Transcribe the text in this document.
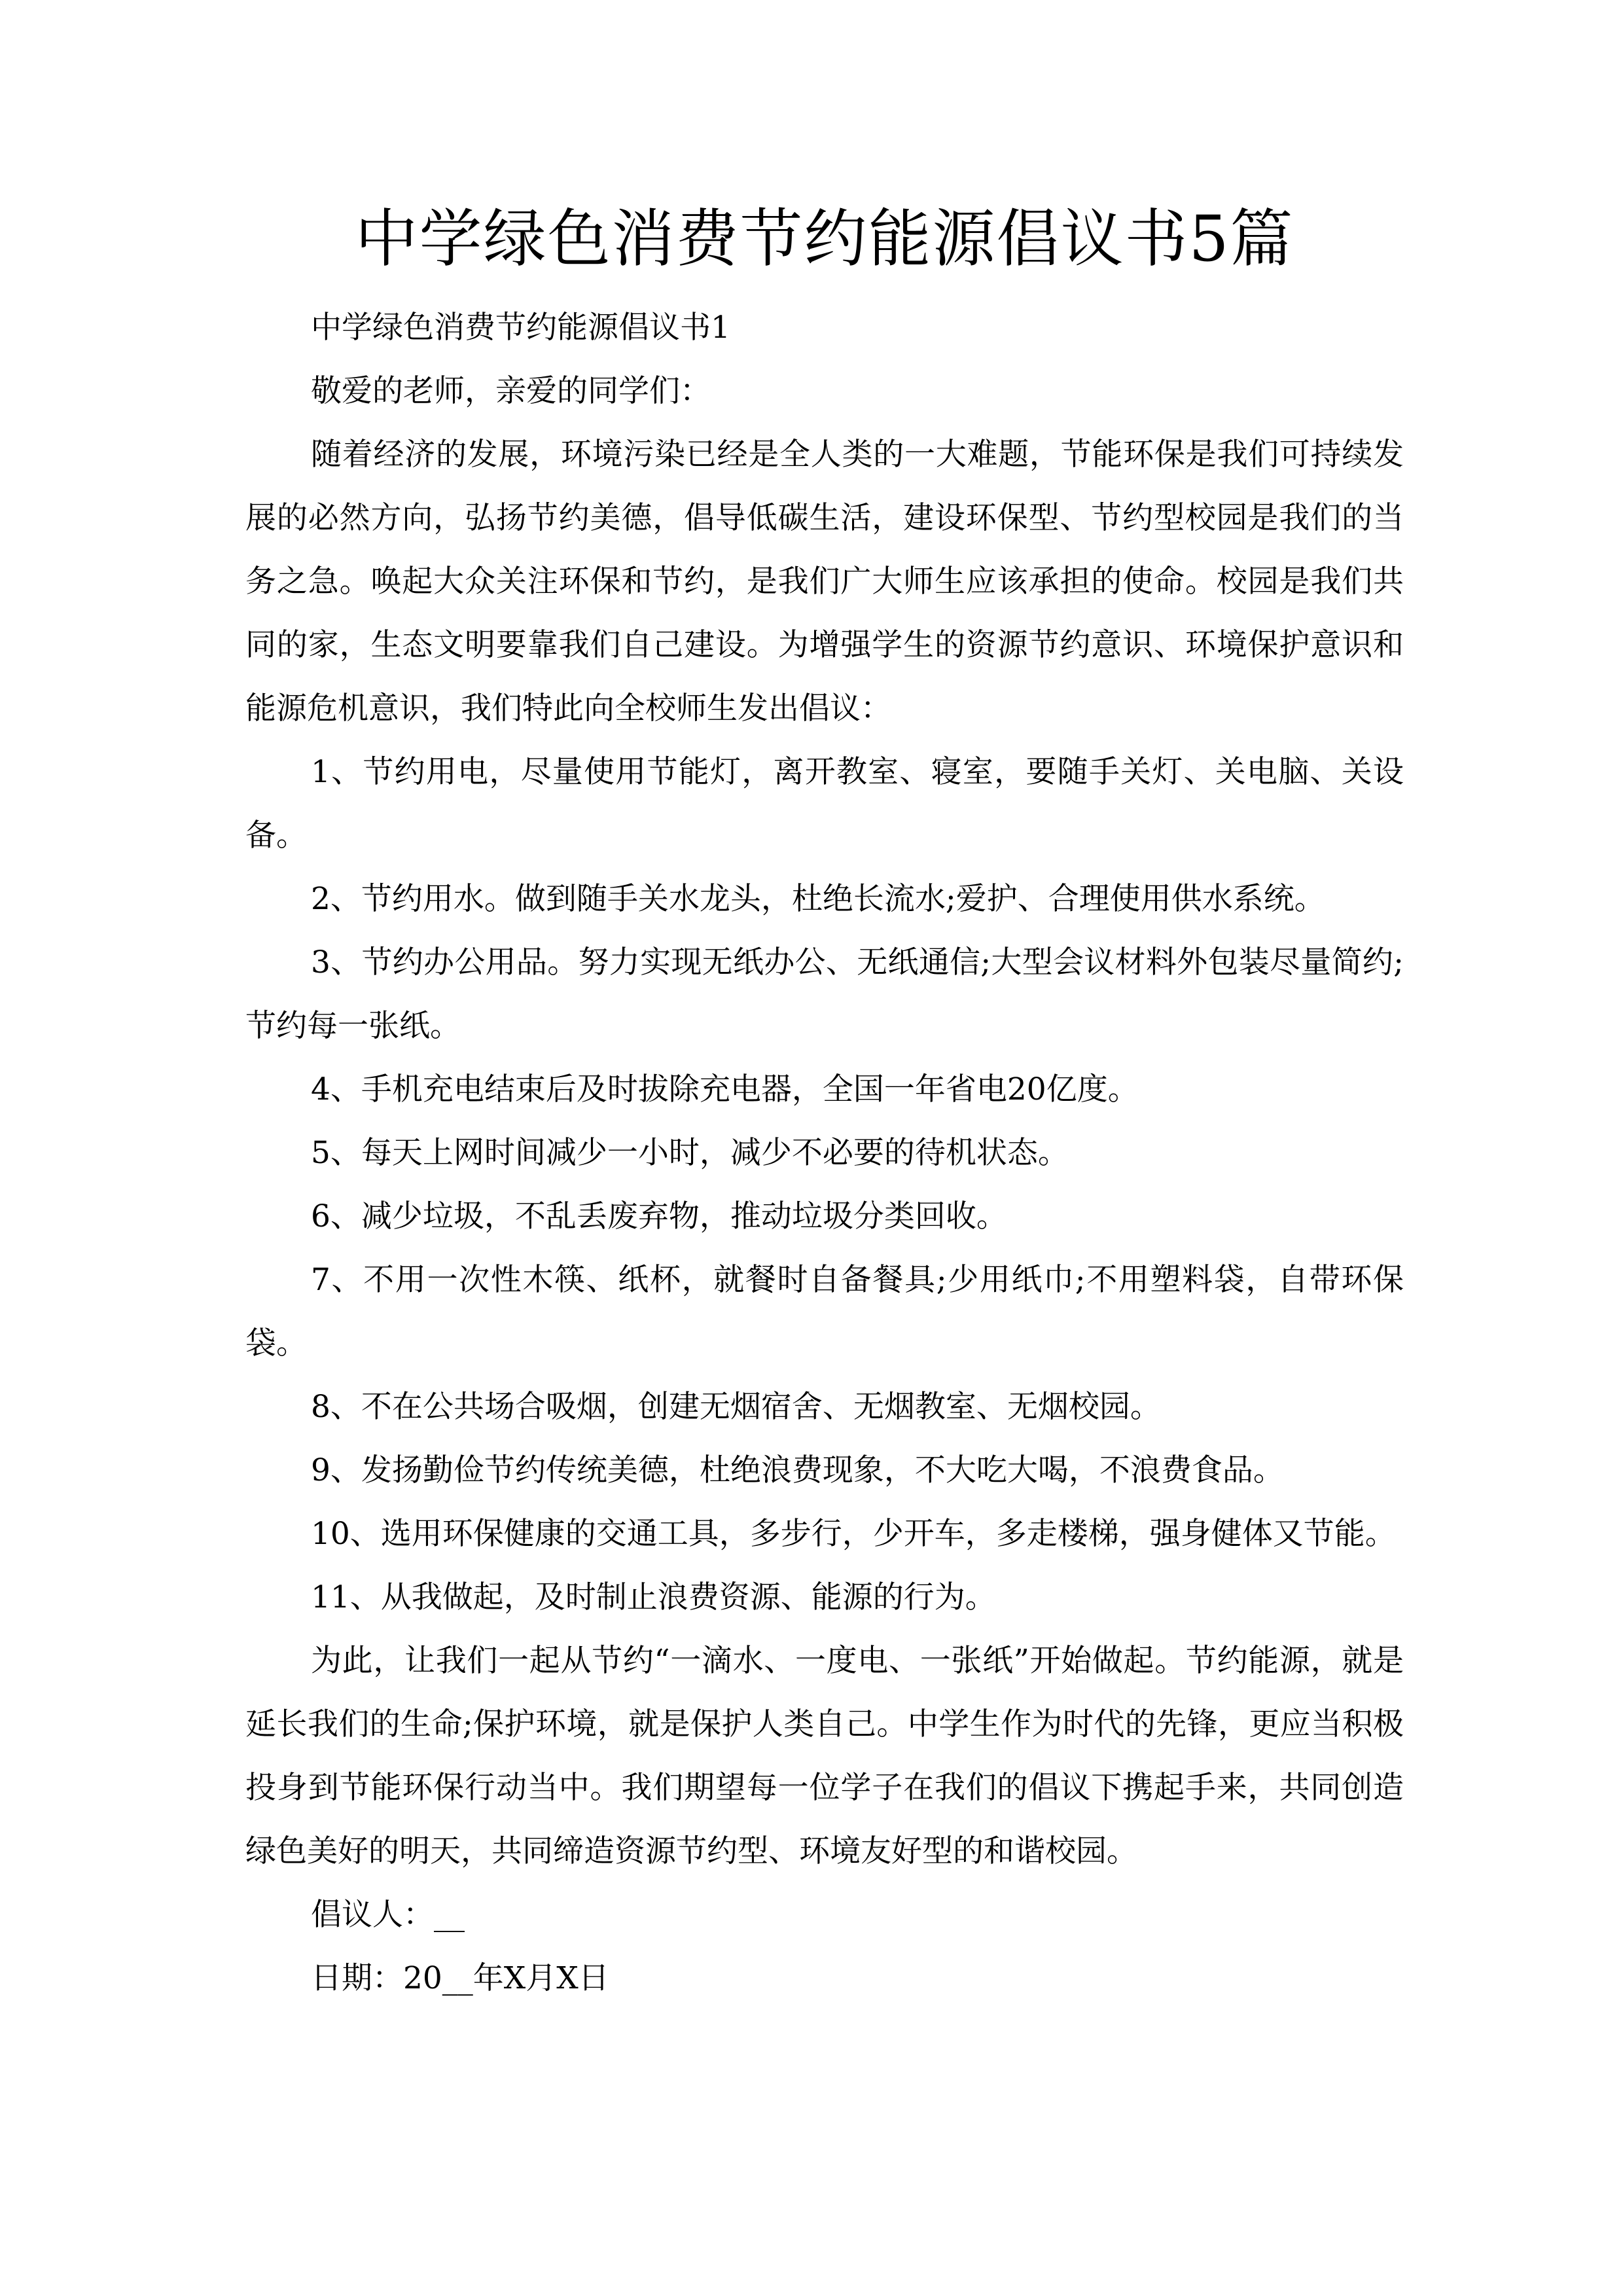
中学绿色消费节约能源倡议书5篇

中学绿色消费节约能源倡议书1

敬爱的老师，亲爱的同学们：

随着经济的发展，环境污染已经是全人类的一大难题，节能环保是我们可持续发展的必然方向，弘扬节约美德，倡导低碳生活，建设环保型、节约型校园是我们的当务之急。唤起大众关注环保和节约，是我们广大师生应该承担的使命。校园是我们共同的家，生态文明要靠我们自己建设。为增强学生的资源节约意识、环境保护意识和能源危机意识，我们特此向全校师生发出倡议：

1、节约用电，尽量使用节能灯，离开教室、寝室，要随手关灯、关电脑、关设备。

2、节约用水。做到随手关水龙头，杜绝长流水;爱护、合理使用供水系统。

3、节约办公用品。努力实现无纸办公、无纸通信;大型会议材料外包装尽量简约;节约每一张纸。

4、手机充电结束后及时拔除充电器，全国一年省电20亿度。

5、每天上网时间减少一小时，减少不必要的待机状态。

6、减少垃圾，不乱丢废弃物，推动垃圾分类回收。

7、不用一次性木筷、纸杯，就餐时自备餐具;少用纸巾;不用塑料袋，自带环保袋。

8、不在公共场合吸烟，创建无烟宿舍、无烟教室、无烟校园。

9、发扬勤俭节约传统美德，杜绝浪费现象，不大吃大喝，不浪费食品。

10、选用环保健康的交通工具，多步行，少开车，多走楼梯，强身健体又节能。

11、从我做起，及时制止浪费资源、能源的行为。

为此，让我们一起从节约“一滴水、一度电、一张纸”开始做起。节约能源，就是延长我们的生命;保护环境，就是保护人类自己。中学生作为时代的先锋，更应当积极投身到节能环保行动当中。我们期望每一位学子在我们的倡议下携起手来，共同创造绿色美好的明天，共同缔造资源节约型、环境友好型的和谐校园。

倡议人：__

日期：20__年X月X日
